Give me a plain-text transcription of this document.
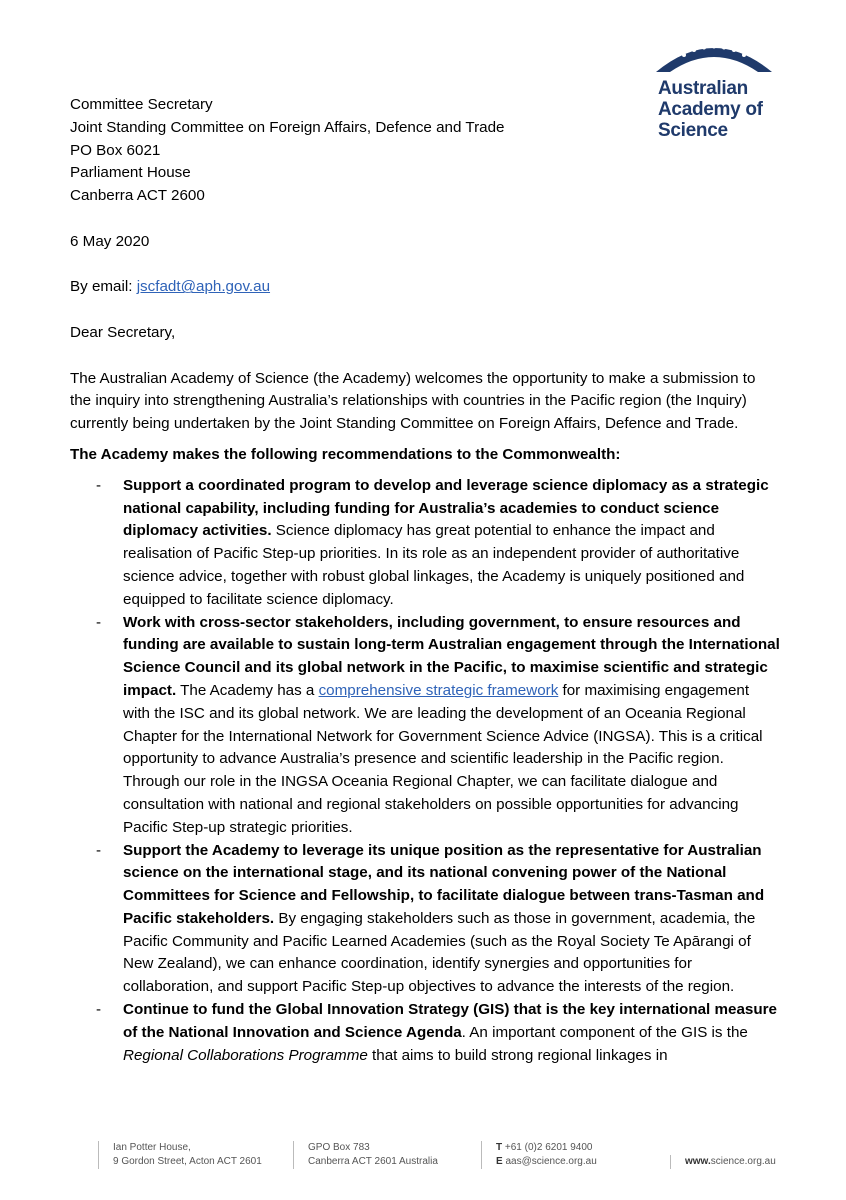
Australian
Academy of
Science
Committee Secretary
Joint Standing Committee on Foreign Affairs, Defence and Trade
PO Box 6021
Parliament House
Canberra ACT 2600

6 May 2020

By email: jscfadt@aph.gov.au

Dear Secretary,

The Australian Academy of Science (the Academy) welcomes the opportunity to make a submission to the inquiry into strengthening Australia’s relationships with countries in the Pacific region (the Inquiry) currently being undertaken by the Joint Standing Committee on Foreign Affairs, Defence and Trade.

The Academy makes the following recommendations to the Commonwealth:

- Support a coordinated program to develop and leverage science diplomacy as a strategic national capability, including funding for Australia’s academies to conduct science diplomacy activities. Science diplomacy has great potential to enhance the impact and realisation of Pacific Step-up priorities. In its role as an independent provider of authoritative science advice, together with robust global linkages, the Academy is uniquely positioned and equipped to facilitate science diplomacy.
- Work with cross-sector stakeholders, including government, to ensure resources and funding are available to sustain long-term Australian engagement through the International Science Council and its global network in the Pacific, to maximise scientific and strategic impact. The Academy has a comprehensive strategic framework for maximising engagement with the ISC and its global network. We are leading the development of an Oceania Regional Chapter for the International Network for Government Science Advice (INGSA). This is a critical opportunity to advance Australia’s presence and scientific leadership in the Pacific region. Through our role in the INGSA Oceania Regional Chapter, we can facilitate dialogue and consultation with national and regional stakeholders on possible opportunities for advancing Pacific Step-up strategic priorities.
- Support the Academy to leverage its unique position as the representative for Australian science on the international stage, and its national convening power of the National Committees for Science and Fellowship, to facilitate dialogue between trans-Tasman and Pacific stakeholders. By engaging stakeholders such as those in government, academia, the Pacific Community and Pacific Learned Academies (such as the Royal Society Te Apārangi of New Zealand), we can enhance coordination, identify synergies and opportunities for collaboration, and support Pacific Step-up objectives to advance the interests of the region.
- Continue to fund the Global Innovation Strategy (GIS) that is the key international measure of the National Innovation and Science Agenda. An important component of the GIS is the Regional Collaborations Programme that aims to build strong regional linkages in
Ian Potter House,
9 Gordon Street, Acton ACT 2601
GPO Box 783
Canberra ACT 2601 Australia
T +61 (0)2 6201 9400
E aas@science.org.au	www.science.org.au
